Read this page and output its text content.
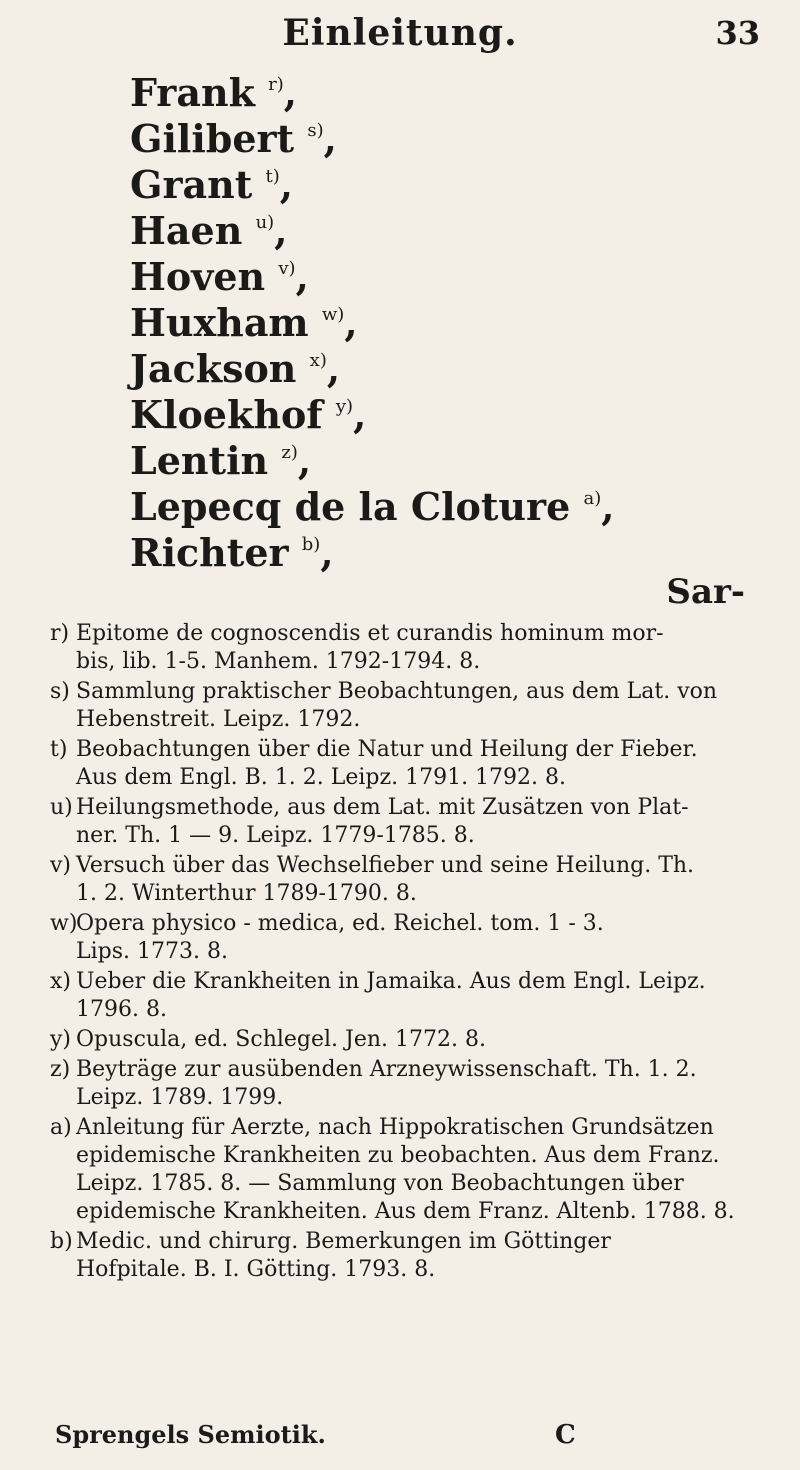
Einleitung.	33
Frank $^{r)}$,
Gilibert $^{s)}$,
Grant $^{t)}$,
Haen $^{u)}$,
Hoven $^{v)}$,
Huxham $^{w)}$,
Jackson $^{x)}$,
Kloekhof $^{y)}$,
Lentin $^{z)}$,
Lepecq de la Cloture $^{a)}$,
Richter $^{b)}$,
Sar-
r) Epitome de cognoscendis et curandis hominum mor-
bis, lib. 1-5. Manhem. 1792-1794. 8.
s) Sammlung praktischer Beobachtungen, aus dem Lat. von
Hebenstreit. Leipz. 1792.
t) Beobachtungen über die Natur und Heilung der Fieber.
Aus dem Engl. B. 1. 2. Leipz. 1791. 1792. 8.
u) Heilungsmethode, aus dem Lat. mit Zusätzen von Plat-
ner. Th. 1 — 9. Leipz. 1779-1785. 8.
v) Versuch über das Wechselfieber und seine Heilung. Th.
1. 2. Winterthur 1789-1790. 8.
w)Opera physico - medica, ed. Reichel. tom. 1 - 3.
Lips. 1773. 8.
x) Ueber die Krankheiten in Jamaika. Aus dem Engl. Leipz.
1796. 8.
y) Opuscula, ed. Schlegel. Jen. 1772. 8.
z) Beyträge zur ausübenden Arzneywissenschaft. Th. 1. 2.
Leipz. 1789. 1799.
a) Anleitung für Aerzte, nach Hippokratischen Grundsätzen
epidemische Krankheiten zu beobachten. Aus dem Franz.
Leipz. 1785. 8. — Sammlung von Beobachtungen über
epidemische Krankheiten. Aus dem Franz. Altenb. 1788. 8.
b) Medic. und chirurg. Bemerkungen im Göttinger
Hofpitale. B. I. Götting. 1793. 8.
Sprengels Semiotik.	C
